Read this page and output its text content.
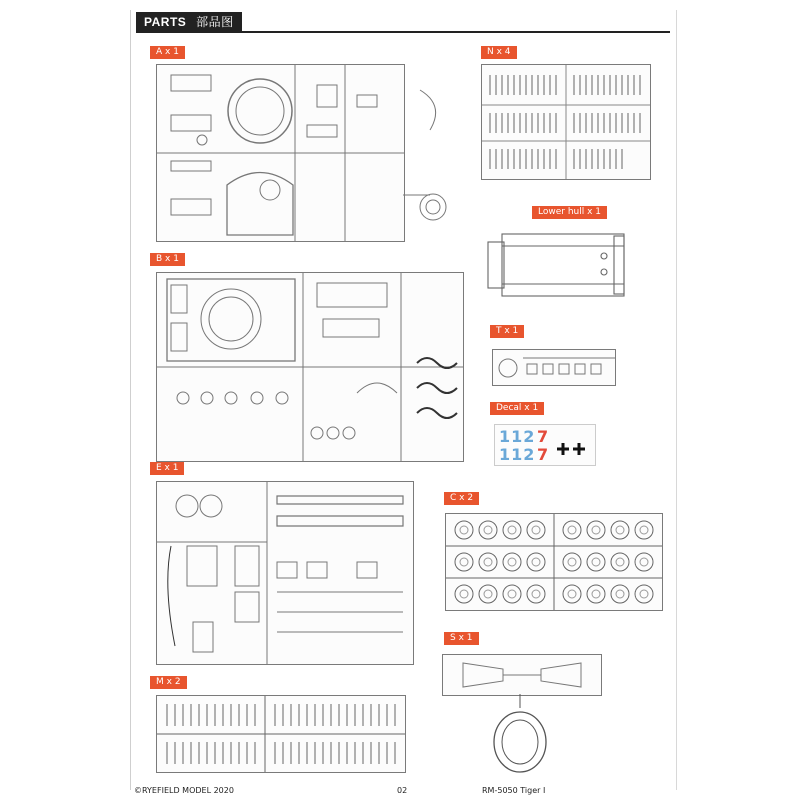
PARTS 部品图
A x 1	N x 4
Lower hull x 1
T x 1
Decal x 1
112
112
7
7
B x 1
E x 1
C x 2
S x 1
M x 2
©RYEFIELD MODEL 2020	02	RM-5050 Tiger I
